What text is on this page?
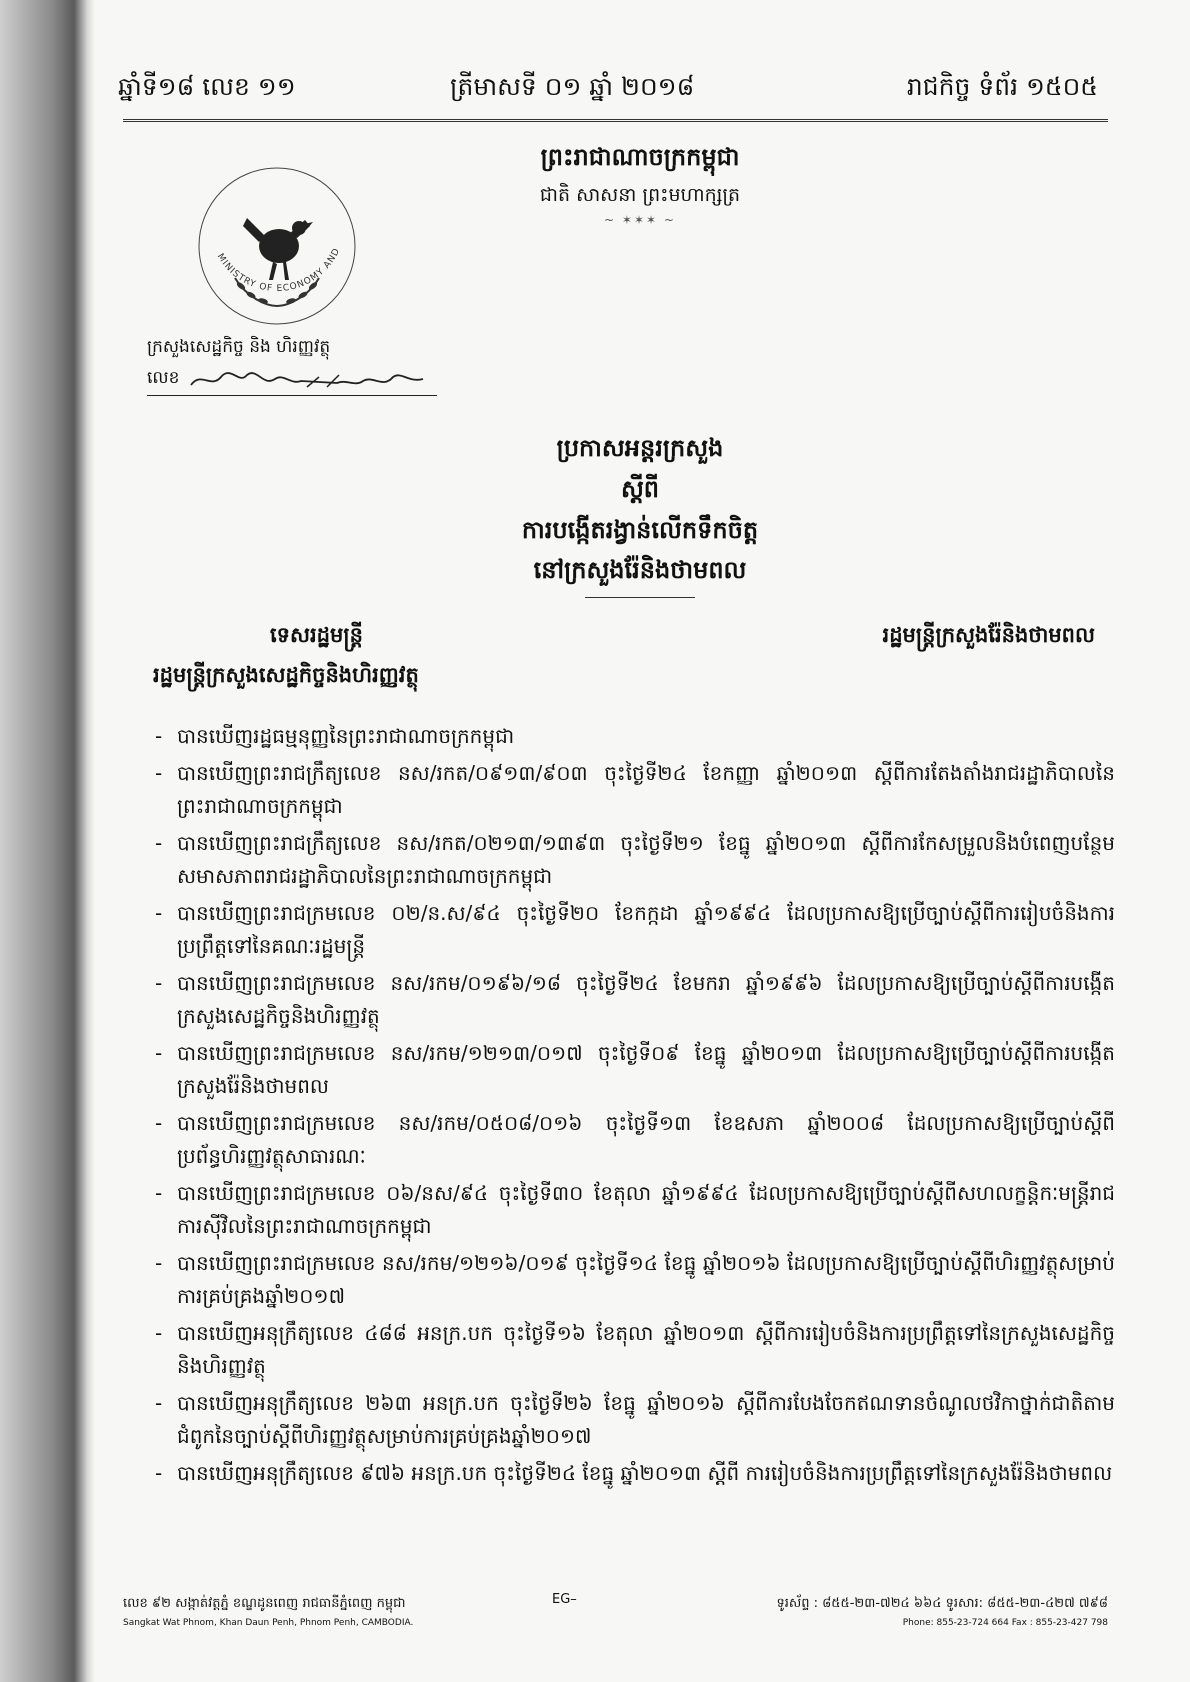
ឆ្នាំទី១៨ លេខ ១១	ត្រីមាសទី ០១ ឆ្នាំ ២០១៨	រាជកិច្ច ទំព័រ ១៥០៥
ព្រះរាជាណាចក្រកម្ពុជា
ជាតិ សាសនា ព្រះមហាក្សត្រ
~ ✶✶✶ ~
MINISTRY OF ECONOMY AND
ក្រសួងសេដ្ឋកិច្ច និង ហិរញ្ញវត្ថុ
លេខ
ប្រកាសអន្តរក្រសួង
ស្តីពី
ការបង្កើតរង្វាន់លើកទឹកចិត្ត
នៅក្រសួងរ៉ែនិងថាមពល
ទេសរដ្ឋមន្ត្រី
រដ្ឋមន្ត្រីក្រសួងសេដ្ឋកិច្ចនិងហិរញ្ញវត្ថុ
រដ្ឋមន្ត្រីក្រសួងរ៉ែនិងថាមពល
- បានឃើញរដ្ឋធម្មនុញ្ញនៃព្រះរាជាណាចក្រកម្ពុជា
- បានឃើញព្រះរាជក្រឹត្យលេខ នស/រកត/០៩១៣/៩០៣ ចុះថ្ងៃទី២៤ ខែកញ្ញា ឆ្នាំ២០១៣ ស្តីពីការតែងតាំងរាជរដ្ឋាភិបាលនៃព្រះរាជាណាចក្រកម្ពុជា
- បានឃើញព្រះរាជក្រឹត្យលេខ នស/រកត/០២១៣/១៣៩៣ ចុះថ្ងៃទី២១ ខែធ្នូ ឆ្នាំ២០១៣ ស្តីពីការកែសម្រួលនិងបំពេញបន្ថែមសមាសភាពរាជរដ្ឋាភិបាលនៃព្រះរាជាណាចក្រកម្ពុជា
- បានឃើញព្រះរាជក្រមលេខ ០២/ន.ស/៩៤ ចុះថ្ងៃទី២០ ខែកក្កដា ឆ្នាំ១៩៩៤ ដែលប្រកាសឱ្យប្រើច្បាប់ស្តីពីការរៀបចំនិងការប្រព្រឹត្តទៅនៃគណៈរដ្ឋមន្ត្រី
- បានឃើញព្រះរាជក្រមលេខ នស/រកម/០១៩៦/១៨ ចុះថ្ងៃទី២៤ ខែមករា ឆ្នាំ១៩៩៦ ដែលប្រកាសឱ្យប្រើច្បាប់ស្តីពីការបង្កើតក្រសួងសេដ្ឋកិច្ចនិងហិរញ្ញវត្ថុ
- បានឃើញព្រះរាជក្រមលេខ នស/រកម/១២១៣/០១៧ ចុះថ្ងៃទី០៩ ខែធ្នូ ឆ្នាំ២០១៣ ដែលប្រកាសឱ្យប្រើច្បាប់ស្តីពីការបង្កើតក្រសួងរ៉ែនិងថាមពល
- បានឃើញព្រះរាជក្រមលេខ នស/រកម/០៥០៨/០១៦ ចុះថ្ងៃទី១៣ ខែឧសភា ឆ្នាំ២០០៨ ដែលប្រកាសឱ្យប្រើច្បាប់ស្តីពីប្រព័ន្ធហិរញ្ញវត្ថុសាធារណៈ
- បានឃើញព្រះរាជក្រមលេខ ០៦/នស/៩៤ ចុះថ្ងៃទី៣០ ខែតុលា ឆ្នាំ១៩៩៤ ដែលប្រកាសឱ្យប្រើច្បាប់ស្តីពីសហលក្ខន្តិកៈមន្ត្រីរាជការស៊ីវិលនៃព្រះរាជាណាចក្រកម្ពុជា
- បានឃើញព្រះរាជក្រមលេខ នស/រកម/១២១៦/០១៩ ចុះថ្ងៃទី១៤ ខែធ្នូ ឆ្នាំ២០១៦ ដែលប្រកាសឱ្យប្រើច្បាប់ស្តីពីហិរញ្ញវត្ថុសម្រាប់ការគ្រប់គ្រងឆ្នាំ២០១៧
- បានឃើញអនុក្រឹត្យលេខ ៤៨៨ អនក្រ.បក ចុះថ្ងៃទី១៦ ខែតុលា ឆ្នាំ២០១៣ ស្តីពីការរៀបចំនិងការប្រព្រឹត្តទៅនៃក្រសួងសេដ្ឋកិច្ចនិងហិរញ្ញវត្ថុ
- បានឃើញអនុក្រឹត្យលេខ ២៦៣ អនក្រ.បក ចុះថ្ងៃទី២៦ ខែធ្នូ ឆ្នាំ២០១៦ ស្តីពីការបែងចែកឥណទានចំណូលថវិកាថ្នាក់ជាតិតាមជំពូកនៃច្បាប់ស្តីពីហិរញ្ញវត្ថុសម្រាប់ការគ្រប់គ្រងឆ្នាំ២០១៧
- បានឃើញអនុក្រឹត្យលេខ ៩៧៦ អនក្រ.បក ចុះថ្ងៃទី២៤ ខែធ្នូ ឆ្នាំ២០១៣ ស្តីពី ការរៀបចំនិងការប្រព្រឹត្តទៅនៃក្រសួងរ៉ែនិងថាមពល
លេខ ៩២ សង្កាត់វត្តភ្នំ ខណ្ឌដូនពេញ រាជធានីភ្នំពេញ កម្ពុជា
Sangkat Wat Phnom, Khan Daun Penh, Phnom Penh, CAMBODIA.
EG–	ទូរស័ព្ទ : ៨៥៥-២៣-៧២៤ ៦៦៤ ទូរសារ: ៨៥៥-២៣-៤២៧ ៧៩៨
Phone: 855-23-724 664 Fax : 855-23-427 798
